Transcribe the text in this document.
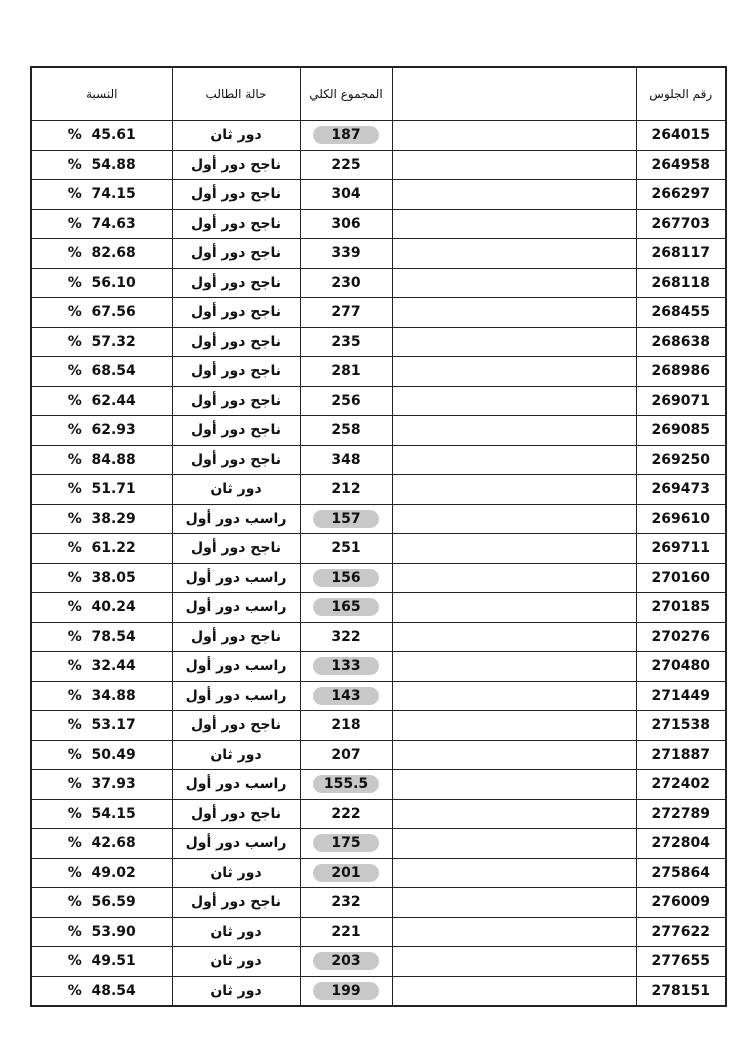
النسبة	حالة الطالب	المجموع الكلي		رقم الجلوس
% 45.61	دور ثان	187		264015
% 54.88	ناجح دور أول	225		264958
% 74.15	ناجح دور أول	304		266297
% 74.63	ناجح دور أول	306		267703
% 82.68	ناجح دور أول	339		268117
% 56.10	ناجح دور أول	230		268118
% 67.56	ناجح دور أول	277		268455
% 57.32	ناجح دور أول	235		268638
% 68.54	ناجح دور أول	281		268986
% 62.44	ناجح دور أول	256		269071
% 62.93	ناجح دور أول	258		269085
% 84.88	ناجح دور أول	348		269250
% 51.71	دور ثان	212		269473
% 38.29	راسب دور أول	157		269610
% 61.22	ناجح دور أول	251		269711
% 38.05	راسب دور أول	156		270160
% 40.24	راسب دور أول	165		270185
% 78.54	ناجح دور أول	322		270276
% 32.44	راسب دور أول	133		270480
% 34.88	راسب دور أول	143		271449
% 53.17	ناجح دور أول	218		271538
% 50.49	دور ثان	207		271887
% 37.93	راسب دور أول	155.5		272402
% 54.15	ناجح دور أول	222		272789
% 42.68	راسب دور أول	175		272804
% 49.02	دور ثان	201		275864
% 56.59	ناجح دور أول	232		276009
% 53.90	دور ثان	221		277622
% 49.51	دور ثان	203		277655
% 48.54	دور ثان	199		278151
